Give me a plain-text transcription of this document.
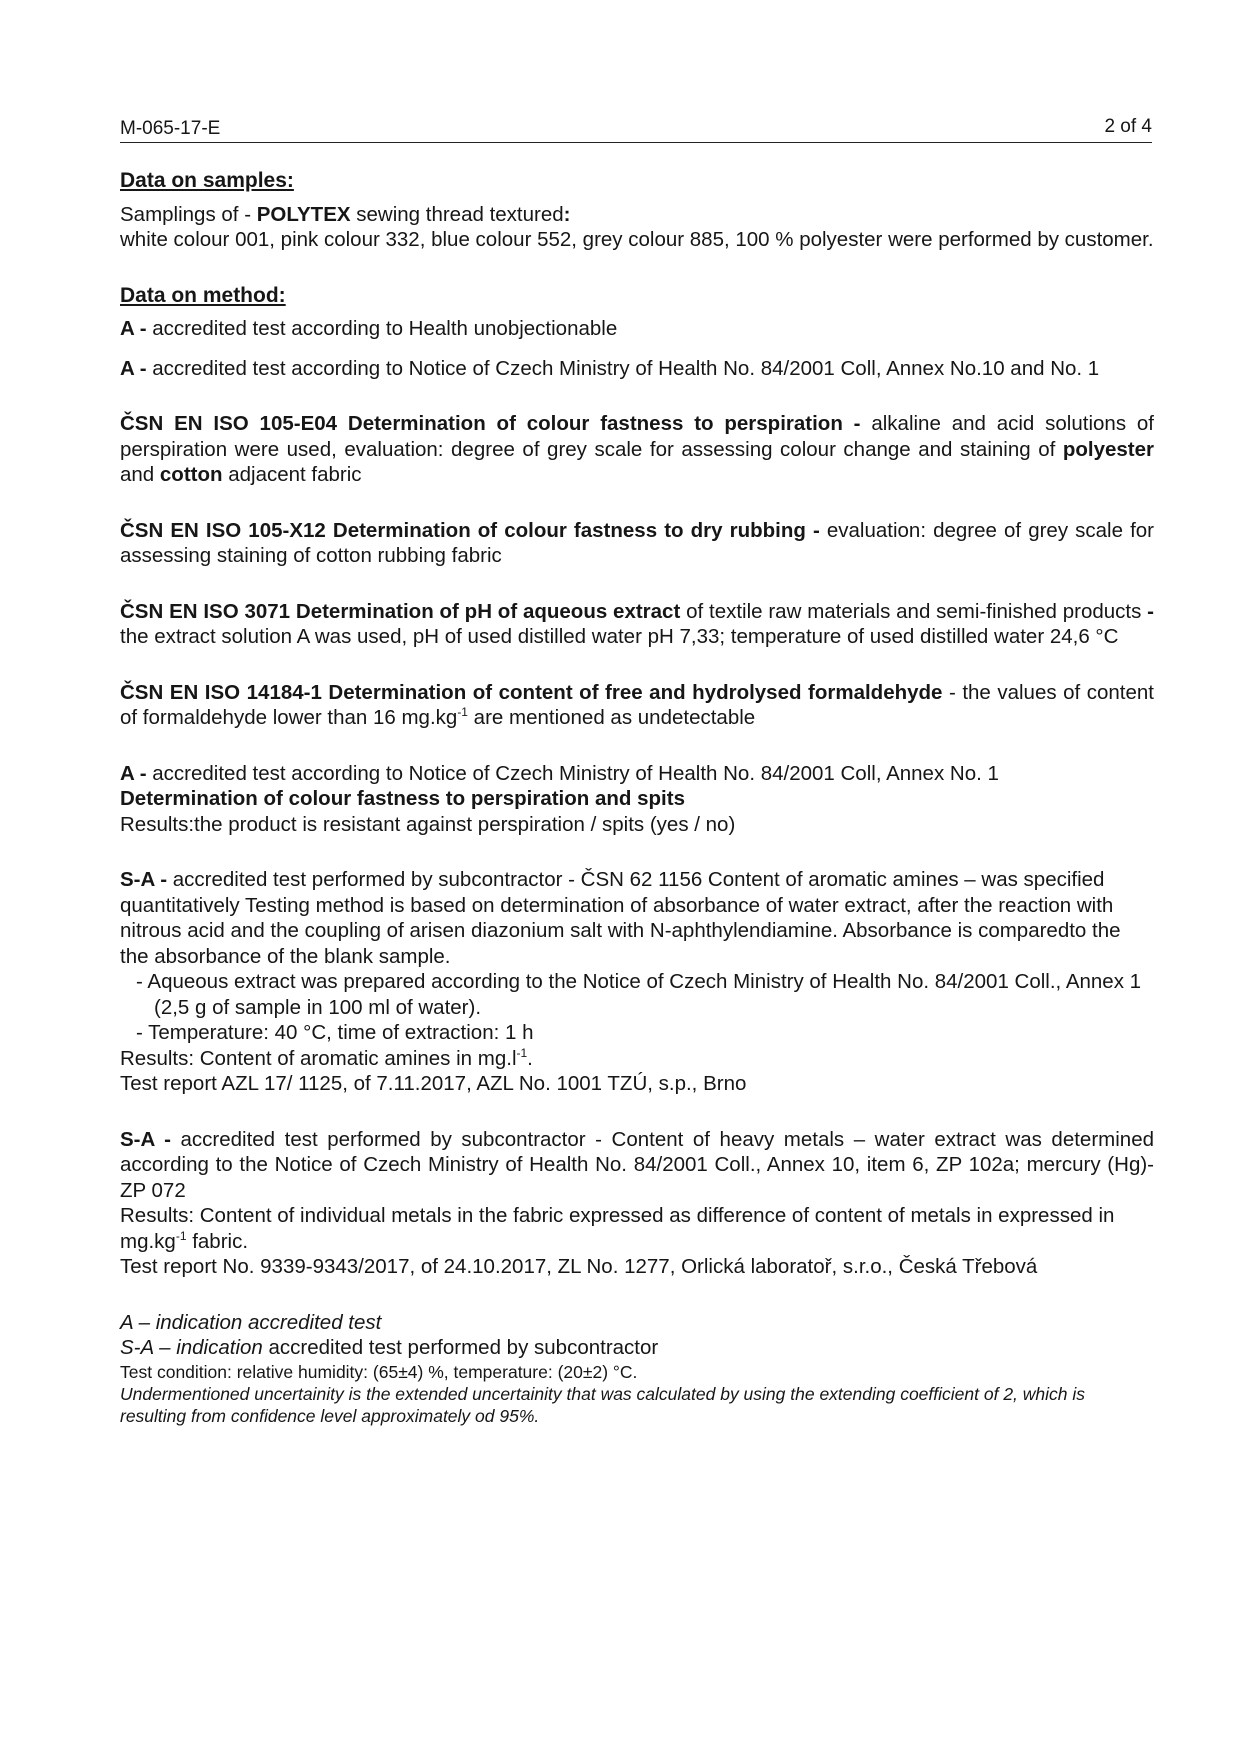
M-065-17-E	2 of 4
Data on samples:

Samplings of - POLYTEX sewing thread textured:

white colour 001, pink colour 332, blue colour 552, grey colour 885, 100 % polyester were performed by customer.

Data on method:

A - accredited test according to Health unobjectionable

A - accredited test according to Notice of Czech Ministry of Health No. 84/2001 Coll, Annex No.10 and No. 1

ČSN EN ISO 105-E04 Determination of colour fastness to perspiration - alkaline and acid solutions of perspiration were used, evaluation: degree of grey scale for assessing colour change and staining of polyester and cotton adjacent fabric

ČSN EN ISO 105-X12 Determination of colour fastness to dry rubbing - evaluation: degree of grey scale for assessing staining of cotton rubbing fabric

ČSN EN ISO 3071 Determination of pH of aqueous extract of textile raw materials and semi-finished products - the extract solution A was used, pH of used distilled water pH 7,33; temperature of used distilled water 24,6 °C

ČSN EN ISO 14184-1 Determination of content of free and hydrolysed formaldehyde - the values of content of formaldehyde lower than 16 $mg.kg^{-1}$ are mentioned as undetectable

A - accredited test according to Notice of Czech Ministry of Health No. 84/2001 Coll, Annex No. 1

Determination of colour fastness to perspiration and spits

Results:the product is resistant against perspiration / spits (yes / no)

S-A - accredited test performed by subcontractor - ČSN 62 1156 Content of aromatic amines – was specified quantitatively Testing method is based on determination of absorbance of water extract, after the reaction with nitrous acid and the coupling of arisen diazonium salt with N-aphthylendiamine. Absorbance is comparedto the the absorbance of the blank sample.

- Aqueous extract was prepared according to the Notice of Czech Ministry of Health No. 84/2001 Coll., Annex 1 (2,5 g of sample in 100 ml of water).

- Temperature: 40 °C, time of extraction: 1 h

Results: Content of aromatic amines in $mg.l^{-1}$.

Test report AZL 17/ 1125, of 7.11.2017, AZL No. 1001 TZÚ, s.p., Brno

S-A - accredited test performed by subcontractor - Content of heavy metals – water extract was determined according to the Notice of Czech Ministry of Health No. 84/2001 Coll., Annex 10, item 6, ZP 102a; mercury (Hg)- ZP 072

Results: Content of individual metals in the fabric expressed as difference of content of metals in expressed in $mg.kg^{-1}$ fabric.

Test report No. 9339-9343/2017, of 24.10.2017, ZL No. 1277, Orlická laboratoř, s.r.o., Česká Třebová

A – indication accredited test

S-A – indication accredited test performed by subcontractor

Test condition: relative humidity: (65±4) %, temperature: (20±2) °C.

Undermentioned uncertainity is the extended uncertainity that was calculated by using the extending coefficient of 2, which is resulting from confidence level approximately od 95%.
